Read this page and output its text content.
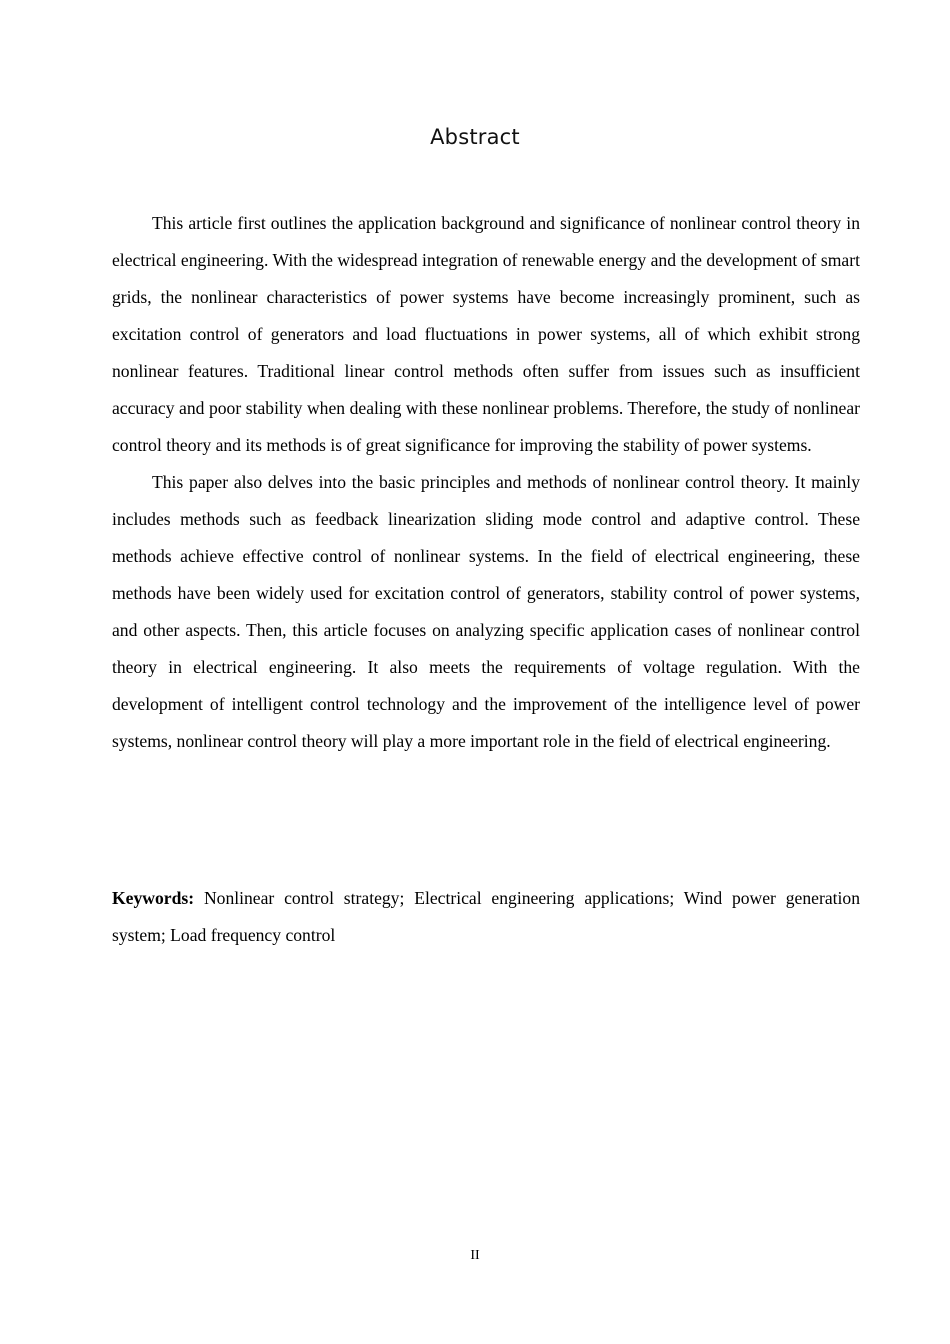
Abstract

This article first outlines the application background and significance of nonlinear control theory in electrical engineering. With the widespread integration of renewable energy and the development of smart grids, the nonlinear characteristics of power systems have become increasingly prominent, such as excitation control of generators and load fluctuations in power systems, all of which exhibit strong nonlinear features. Traditional linear control methods often suffer from issues such as insufficient accuracy and poor stability when dealing with these nonlinear problems. Therefore, the study of nonlinear control theory and its methods is of great significance for improving the stability of power systems.

This paper also delves into the basic principles and methods of nonlinear control theory. It mainly includes methods such as feedback linearization sliding mode control and adaptive control. These methods achieve effective control of nonlinear systems. In the field of electrical engineering, these methods have been widely used for excitation control of generators, stability control of power systems, and other aspects. Then, this article focuses on analyzing specific application cases of nonlinear control theory in electrical engineering. It also meets the requirements of voltage regulation. With the development of intelligent control technology and the improvement of the intelligence level of power systems, nonlinear control theory will play a more important role in the field of electrical engineering.

Keywords: Nonlinear control strategy; Electrical engineering applications; Wind power generation system; Load frequency control

II
